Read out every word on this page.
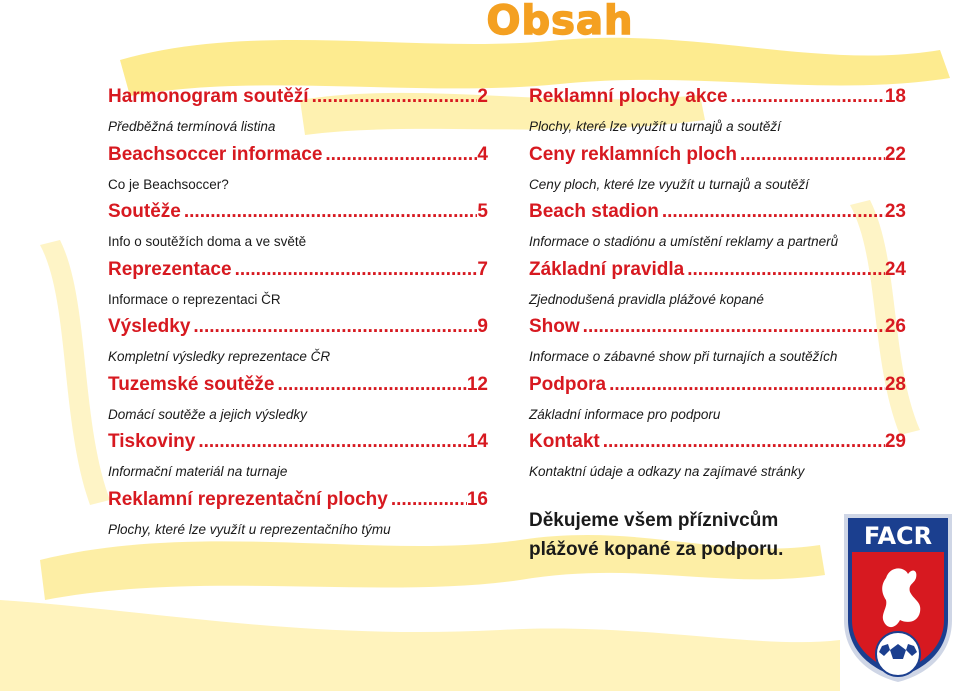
Obsah
Harmonogram soutěží .....	2
Předběžná termínová listina
Beachsoccer informace .....	4
Co je Beachsoccer?
Soutěže .....	5
Info o soutěžích doma a ve světě
Reprezentace .....	7
Informace o reprezentaci ČR
Výsledky .....	9
Kompletní výsledky reprezentace ČR
Tuzemské soutěže .....	12
Domácí soutěže a jejich výsledky
Tiskoviny .....	14
Informační materiál na turnaje
Reklamní reprezentační plochy .....	16
Plochy, které lze využít u reprezentačního týmu
Reklamní plochy akce .....	18
Plochy, které lze využít u turnajů a soutěží
Ceny reklamních ploch .....	22
Ceny ploch, které lze využít u turnajů a soutěží
Beach stadion .....	23
Informace o stadiónu a umístění reklamy a partnerů
Základní pravidla .....	24
Zjednodušená pravidla plážové kopané
Show .....	26
Informace o zábavné show při turnajích a soutěžích
Podpora .....	28
Základní informace pro podporu
Kontakt .....	29
Kontaktní údaje a odkazy na zajímavé stránky
Děkujeme všem příznivcům
plážové kopané za podporu.	FACR
